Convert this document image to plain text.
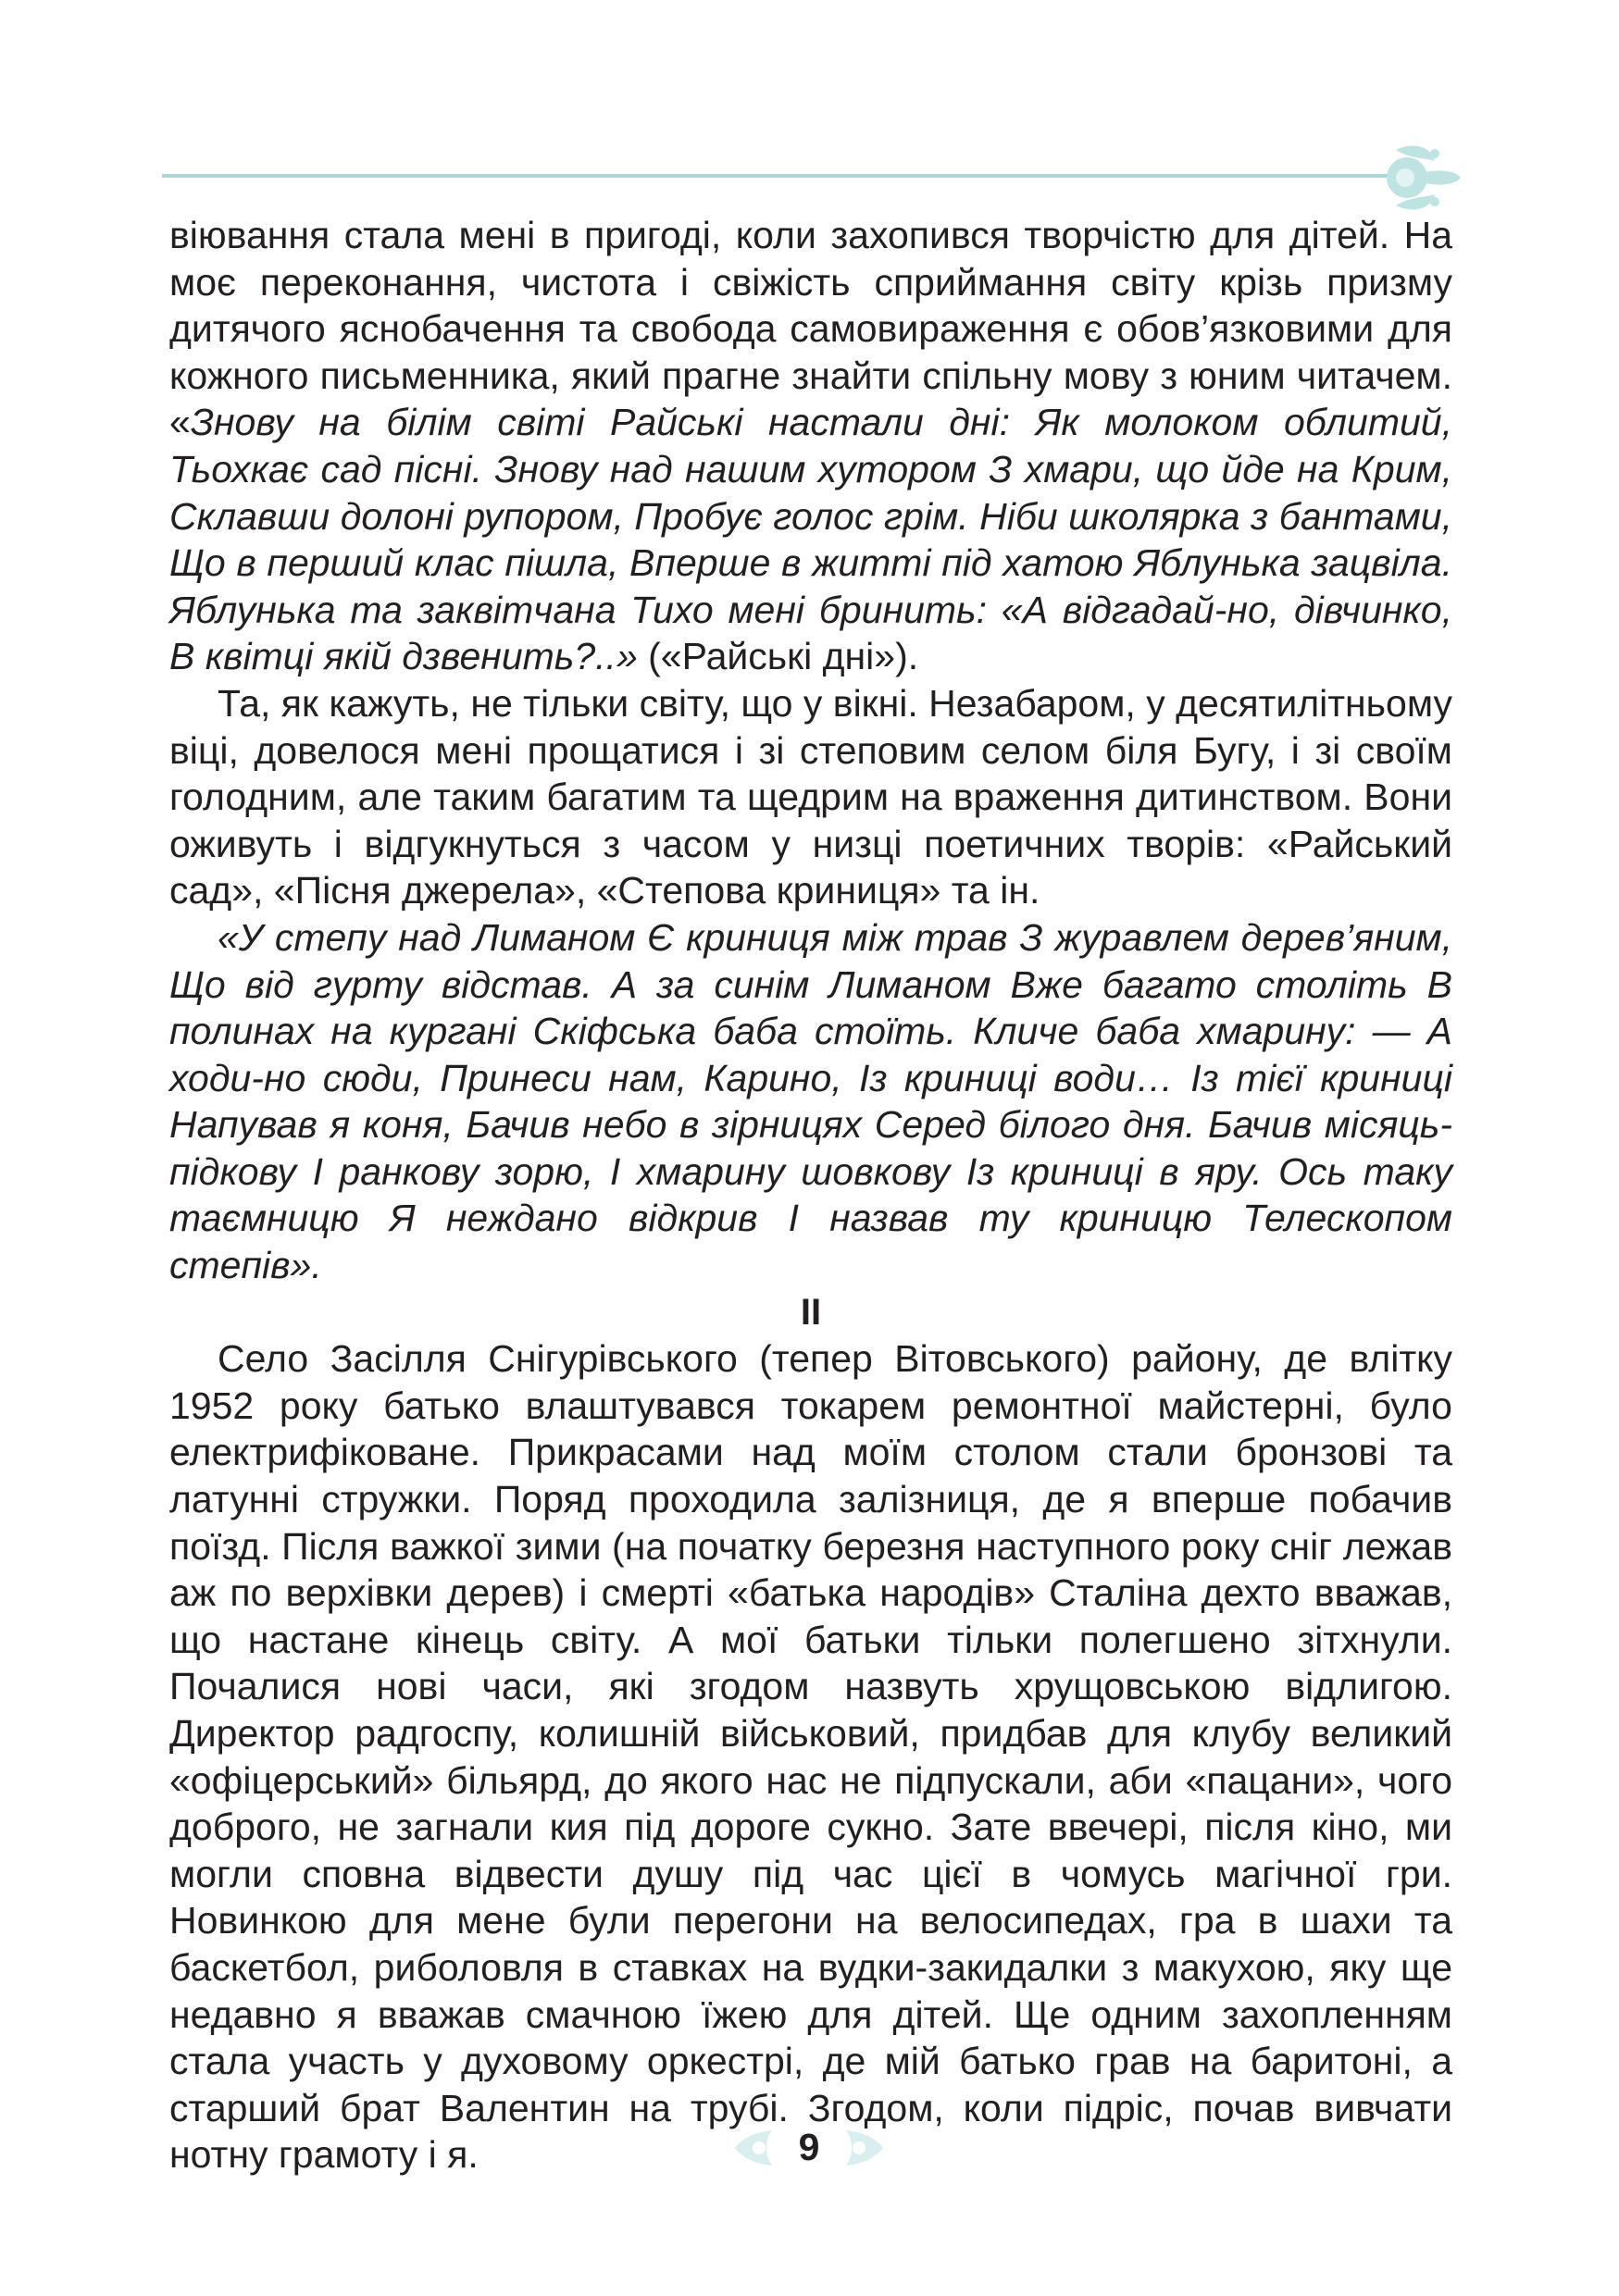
віювання стала мені в пригоді, коли захопився творчістю для дітей. На моє переконання, чистота і свіжість сприймання світу крізь призму дитячого яснобачення та свобода самовираження є обов’язковими для кожного письменника, який прагне знайти спільну мову з юним читачем. «Знову на білім світі Райські настали дні: Як молоком облитий, Тьохкає сад пісні. Знову над нашим хутором З хмари, що йде на Крим, Склавши долоні рупором, Пробує голос грім. Ніби школярка з бантами, Що в перший клас пішла, Вперше в житті під хатою Яблунька зацвіла. Яблунька та заквітчана Тихо мені бринить: «А відгадай-но, дівчинко, В квітці якій дзвенить?..» («Райські дні»).

Та, як кажуть, не тільки світу, що у вікні. Незабаром, у десятилітньому віці, довелося мені прощатися і зі степовим селом біля Бугу, і зі своїм голодним, але таким багатим та щедрим на враження дитинством. Вони оживуть і відгукнуться з часом у низці поетичних творів: «Райський сад», «Пісня джерела», «Степова криниця» та ін.

«У степу над Лиманом Є криниця між трав З журавлем дерев’яним, Що від гурту відстав. А за синім Лиманом Вже багато століть В полинах на кургані Скіфська баба стоїть. Кличе баба хмарину: — А ходи-но сюди, Принеси нам, Карино, Із криниці води… Із тієї криниці Напував я коня, Бачив небо в зірницях Серед білого дня. Бачив місяць-підкову І ранкову зорю, І хмарину шовкову Із криниці в яру. Ось таку таємницю Я неждано відкрив І назвав ту криницю Телескопом степів».

II

Село Засілля Снігурівського (тепер Вітовського) району, де влітку 1952 року батько влаштувався токарем ремонтної майстерні, було електрифіковане. Прикрасами над моїм столом стали бронзові та латунні стружки. Поряд проходила залізниця, де я вперше побачив поїзд. Після важкої зими (на початку березня наступного року сніг лежав аж по верхівки дерев) і смерті «батька народів» Сталіна дехто вважав, що настане кінець світу. А мої батьки тільки полегшено зітхнули. Почалися нові часи, які згодом назвуть хрущовською відлигою. Директор радгоспу, колишній військовий, придбав для клубу великий «офіцерський» більярд, до якого нас не підпускали, аби «пацани», чого доброго, не загнали кия під дороге сукно. Зате ввечері, після кіно, ми могли сповна відвести душу під час цієї в чомусь магічної гри. Новинкою для мене були перегони на велосипедах, гра в шахи та баскетбол, риболовля в ставках на вудки-закидалки з макухою, яку ще недавно я вважав смачною їжею для дітей. Ще одним захопленням стала участь у духовому оркестрі, де мій батько грав на баритоні, а старший брат Валентин на трубі. Згодом, коли підріс, почав вивчати нотну грамоту і я.	9
